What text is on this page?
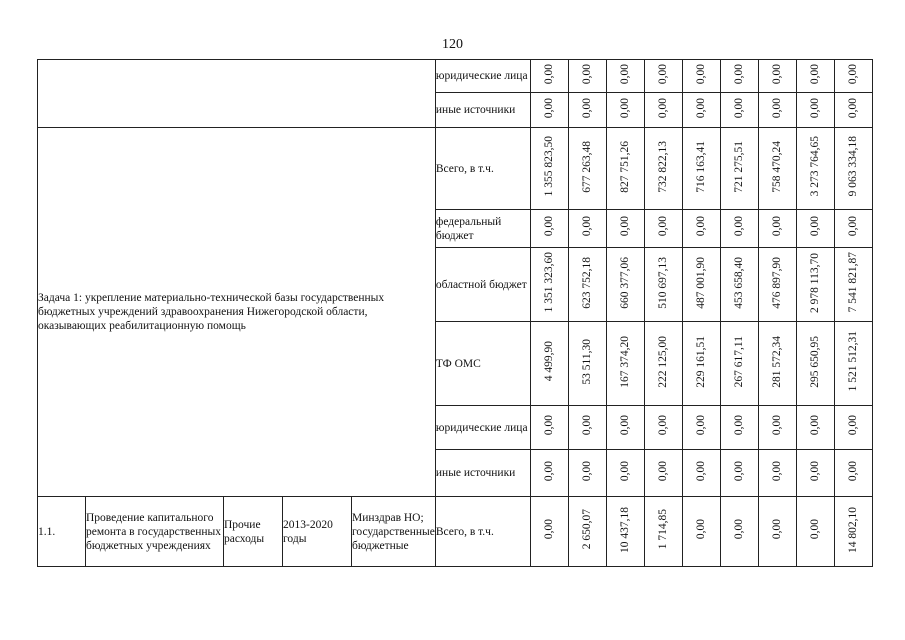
120
					юридические лица	0,00	0,00	0,00	0,00	0,00	0,00	0,00	0,00	0,00
					иные источники	0,00	0,00	0,00	0,00	0,00	0,00	0,00	0,00	0,00
Задача 1: укрепление материально-технической базы государственных бюджетных учреждений здравоохранения Нижегородской области, оказывающих реабилитационную помощь					Всего, в т.ч.	1 355 823,50	677 263,48	827 751,26	732 822,13	716 163,41	721 275,51	758 470,24	3 273 764,65	9 063 334,18
					федеральный бюджет	0,00	0,00	0,00	0,00	0,00	0,00	0,00	0,00	0,00
					областной бюджет	1 351 323,60	623 752,18	660 377,06	510 697,13	487 001,90	453 658,40	476 897,90	2 978 113,70	7 541 821,87
					ТФ ОМС	4 499,90	53 511,30	167 374,20	222 125,00	229 161,51	267 617,11	281 572,34	295 650,95	1 521 512,31
					юридические лица	0,00	0,00	0,00	0,00	0,00	0,00	0,00	0,00	0,00
					иные источники	0,00	0,00	0,00	0,00	0,00	0,00	0,00	0,00	0,00
1.1.	Проведение капитального ремонта в государственных бюджетных учреждениях	Прочие расходы	2013-2020 годы	Минздрав НО; государственные бюджетные	Всего, в т.ч.	0,00	2 650,07	10 437,18	1 714,85	0,00	0,00	0,00	0,00	14 802,10
